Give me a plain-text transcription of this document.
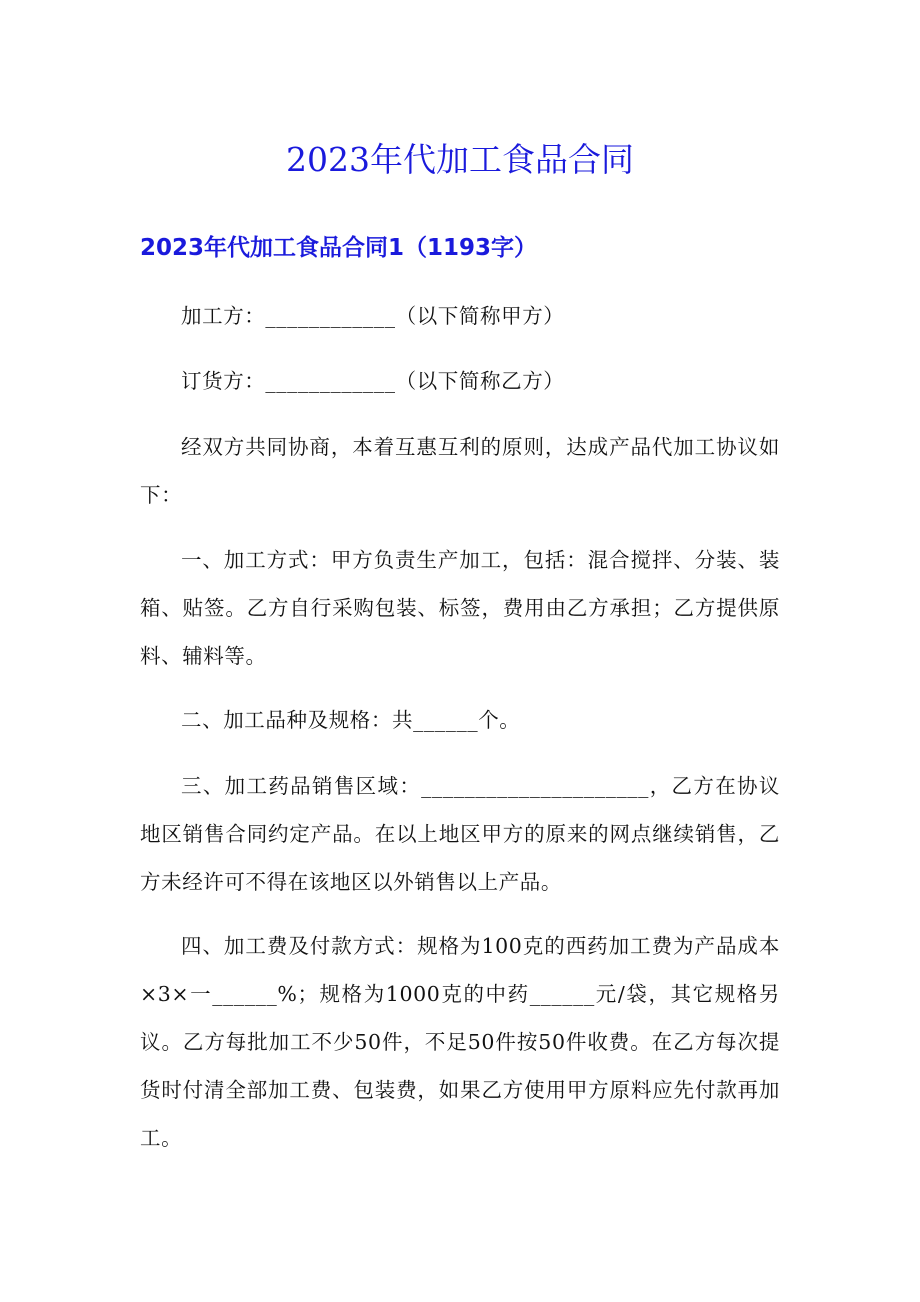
2023年代加工食品合同
2023年代加工食品合同1（1193字）

加工方：____________（以下简称甲方）

订货方：____________（以下简称乙方）

经双方共同协商，本着互惠互利的原则，达成产品代加工协议如下：

一、加工方式：甲方负责生产加工，包括：混合搅拌、分装、装箱、贴签。乙方自行采购包装、标签，费用由乙方承担；乙方提供原料、辅料等。

二、加工品种及规格：共______个。

三、加工药品销售区域：_____________________，乙方在协议地区销售合同约定产品。在以上地区甲方的原来的网点继续销售，乙方未经许可不得在该地区以外销售以上产品。

四、加工费及付款方式：规格为100克的西药加工费为产品成本×3×一______%；规格为1000克的中药______元/袋，其它规格另议。乙方每批加工不少50件，不足50件按50件收费。在乙方每次提货时付清全部加工费、包装费，如果乙方使用甲方原料应先付款再加工。
